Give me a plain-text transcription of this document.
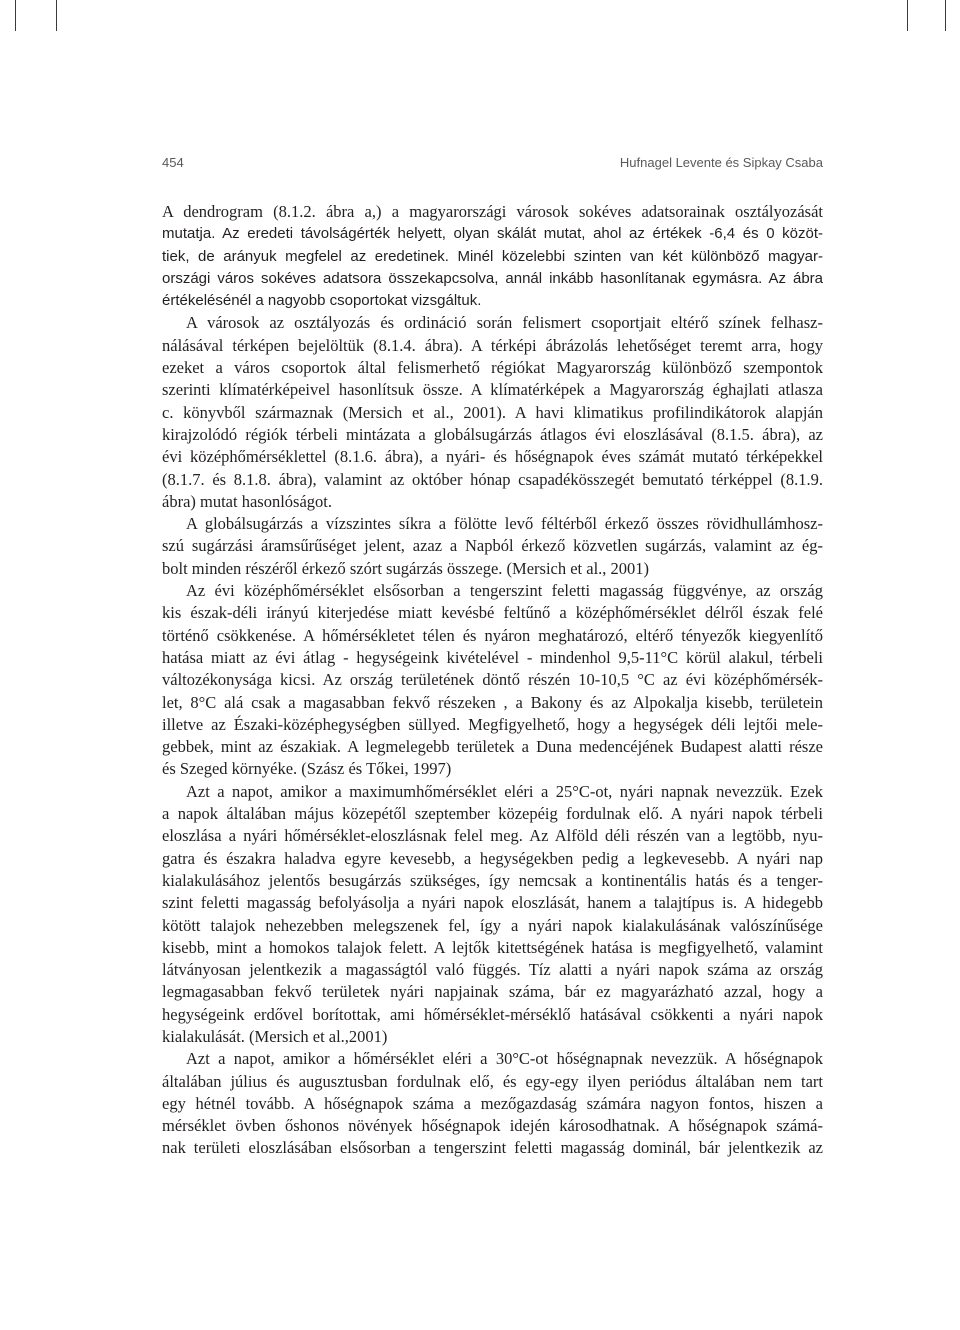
454	Hufnagel Levente és Sipkay Csaba
A dendrogram (8.1.2. ábra a,) a magyarországi városok sokéves adatsorainak osztályozását
mutatja. Az eredeti távolságérték helyett, olyan skálát mutat, ahol az értékek -6,4 és 0 közöt-
tiek, de arányuk megfelel az eredetinek. Minél közelebbi szinten van két különböző magyar-
országi város sokéves adatsora összekapcsolva, annál inkább hasonlítanak egymásra. Az ábra
értékelésénél a nagyobb csoportokat vizsgáltuk.
A városok az osztályozás és ordináció során felismert csoportjait eltérő színek felhasz-
nálásával térképen bejelöltük (8.1.4. ábra). A térképi ábrázolás lehetőséget teremt arra, hogy
ezeket a város csoportok által felismerhető régiókat Magyarország különböző szempontok
szerinti klímatérképeivel hasonlítsuk össze. A klímatérképek a Magyarország éghajlati atlasza
c. könyvből származnak (Mersich et al., 2001). A havi klimatikus profilindikátorok alapján
kirajzolódó régiók térbeli mintázata a globálsugárzás átlagos évi eloszlásával (8.1.5. ábra), az
évi középhőmérséklettel (8.1.6. ábra), a nyári- és hőségnapok éves számát mutató térképekkel
(8.1.7. és 8.1.8. ábra), valamint az október hónap csapadékösszegét bemutató térképpel (8.1.9.
ábra) mutat hasonlóságot.
A globálsugárzás a vízszintes síkra a fölötte levő féltérből érkező összes rövidhullámhosz-
szú sugárzási áramsűrűséget jelent, azaz a Napból érkező közvetlen sugárzás, valamint az ég-
bolt minden részéről érkező szórt sugárzás összege. (Mersich et al., 2001)
Az évi középhőmérséklet elsősorban a tengerszint feletti magasság függvénye, az ország
kis észak-déli irányú kiterjedése miatt kevésbé feltűnő a középhőmérséklet délről észak felé
történő csökkenése. A hőmérsékletet télen és nyáron meghatározó, eltérő tényezők kiegyenlítő
hatása miatt az évi átlag - hegységeink kivételével - mindenhol 9,5-11°C körül alakul, térbeli
változékonysága kicsi. Az ország területének döntő részén 10-10,5 °C az évi középhőmérsék-
let, 8°C alá csak a magasabban fekvő részeken , a Bakony és az Alpokalja kisebb, területein
illetve az Északi-középhegységben süllyed. Megfigyelhető, hogy a hegységek déli lejtői mele-
gebbek, mint az északiak. A legmelegebb területek a Duna medencéjének Budapest alatti része
és Szeged környéke. (Szász és Tőkei, 1997)
Azt a napot, amikor a maximumhőmérséklet eléri a 25°C-ot, nyári napnak nevezzük. Ezek
a napok általában május közepétől szeptember közepéig fordulnak elő. A nyári napok térbeli
eloszlása a nyári hőmérséklet-eloszlásnak felel meg. Az Alföld déli részén van a legtöbb, nyu-
gatra és északra haladva egyre kevesebb, a hegységekben pedig a legkevesebb. A nyári nap
kialakulásához jelentős besugárzás szükséges, így nemcsak a kontinentális hatás és a tenger-
szint feletti magasság befolyásolja a nyári napok eloszlását, hanem a talajtípus is. A hidegebb
kötött talajok nehezebben melegszenek fel, így a nyári napok kialakulásának valószínűsége
kisebb, mint a homokos talajok felett. A lejtők kitettségének hatása is megfigyelhető, valamint
látványosan jelentkezik a magasságtól való függés. Tíz alatti a nyári napok száma az ország
legmagasabban fekvő területek nyári napjainak száma, bár ez magyarázható azzal, hogy a
hegységeink erdővel borítottak, ami hőmérséklet-mérséklő hatásával csökkenti a nyári napok
kialakulását. (Mersich et al.,2001)
Azt a napot, amikor a hőmérséklet eléri a 30°C-ot hőségnapnak nevezzük. A hőségnapok
általában július és augusztusban fordulnak elő, és egy-egy ilyen periódus általában nem tart
egy hétnél tovább. A hőségnapok száma a mezőgazdaság számára nagyon fontos, hiszen a
mérséklet övben őshonos növények hőségnapok idején károsodhatnak. A hőségnapok számá-
nak területi eloszlásában elsősorban a tengerszint feletti magasság dominál, bár jelentkezik az
